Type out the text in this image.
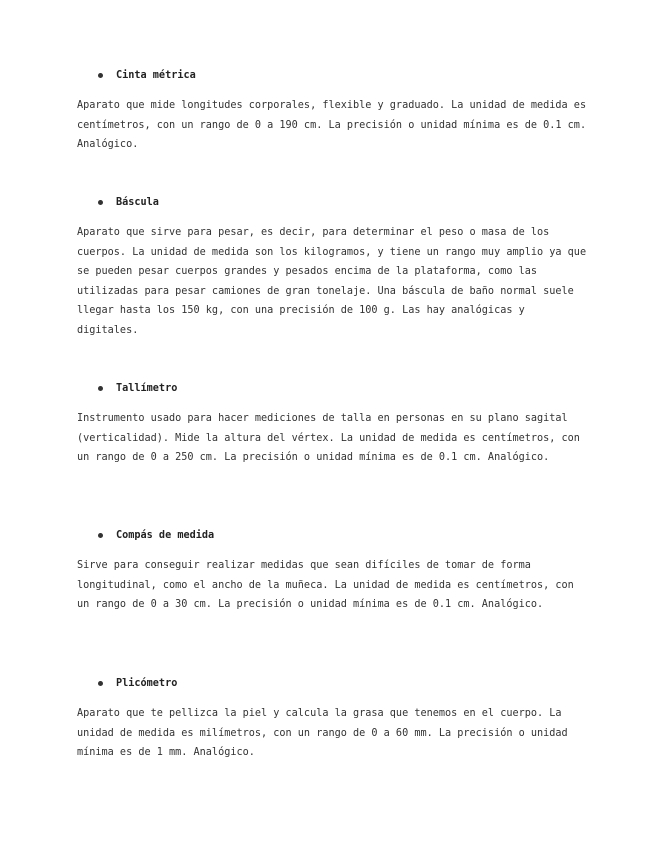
Cinta métrica

Aparato que mide longitudes corporales, flexible y graduado. La unidad de medida es centímetros, con un rango de 0 a 190 cm. La precisión o unidad mínima es de 0.1 cm. Analógico.

Báscula

Aparato que sirve para pesar, es decir, para determinar el peso o masa de los cuerpos. La unidad de medida son los kilogramos, y tiene un rango muy amplio ya que se pueden pesar cuerpos grandes y pesados encima de la plataforma, como las utilizadas para pesar camiones de gran tonelaje. Una báscula de baño normal suele llegar hasta los 150 kg, con una precisión de 100 g. Las hay analógicas y digitales.

Tallímetro

Instrumento usado para hacer mediciones de talla en personas en su plano sagital (verticalidad). Mide la altura del vértex. La unidad de medida es centímetros, con un rango de 0 a 250 cm. La precisión o unidad mínima es de 0.1 cm. Analógico.

Compás de medida

Sirve para conseguir realizar medidas que sean difíciles de tomar de forma longitudinal, como el ancho de la muñeca. La unidad de medida es centímetros, con un rango de 0 a 30 cm. La precisión o unidad mínima es de 0.1 cm. Analógico.

Plicómetro

Aparato que te pellizca la piel y calcula la grasa que tenemos en el cuerpo. La unidad de medida es milímetros, con un rango de 0 a 60 mm. La precisión o unidad mínima es de 1 mm. Analógico.
